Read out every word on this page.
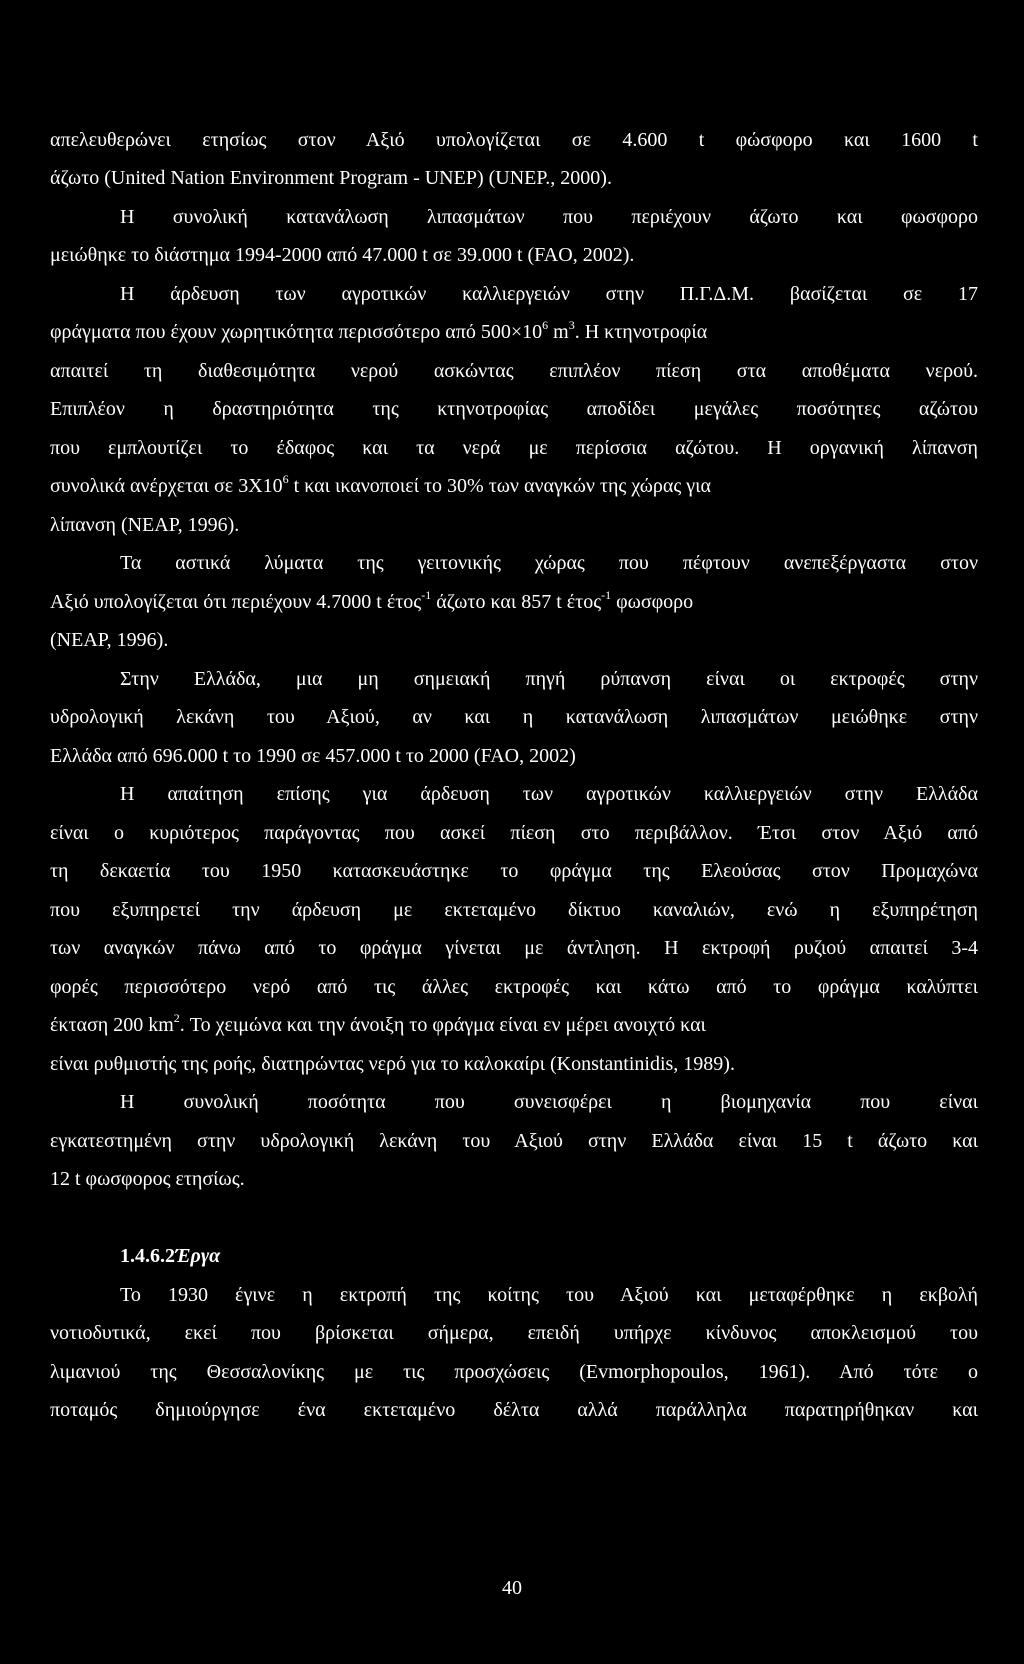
απελευθερώνει ετησίως στον Αξιό υπολογίζεται σε 4.600 t φώσφορο και 1600 t
άζωτο (United Nation Environment Program - UNEP) (UNEP., 2000).
Η συνολική κατανάλωση λιπασμάτων που περιέχουν άζωτο και φωσφορο
μειώθηκε το διάστημα 1994-2000 από 47.000 t σε 39.000 t (FAO, 2002).
Η άρδευση των αγροτικών καλλιεργειών στην Π.Γ.Δ.Μ. βασίζεται σε 17
φράγματα που έχουν χωρητικότητα περισσότερο από $500\times 10^6$ $m^3$. Η κτηνοτροφία
απαιτεί τη διαθεσιμότητα νερού ασκώντας επιπλέον πίεση στα αποθέματα νερού.
Επιπλέον η δραστηριότητα της κτηνοτροφίας αποδίδει μεγάλες ποσότητες αζώτου
που εμπλουτίζει το έδαφος και τα νερά με περίσσια αζώτου. Η οργανική λίπανση
συνολικά ανέρχεται σε $3X10^6$ t και ικανοποιεί το 30% των αναγκών της χώρας για
λίπανση (NEAP, 1996).
Τα αστικά λύματα της γειτονικής χώρας που πέφτουν ανεπεξέργαστα στον
Αξιό υπολογίζεται ότι περιέχουν 4.7000 t έτος$^{-1}$ άζωτο και 857 t έτος$^{-1}$ φωσφορο
(NEAP, 1996).
Στην Ελλάδα, μια μη σημειακή πηγή ρύπανση είναι οι εκτροφές στην
υδρολογική λεκάνη του Αξιού, αν και η κατανάλωση λιπασμάτων μειώθηκε στην
Ελλάδα από 696.000 t το 1990 σε 457.000 t το 2000 (FAO, 2002)
Η απαίτηση επίσης για άρδευση των αγροτικών καλλιεργειών στην Ελλάδα
είναι ο κυριότερος παράγοντας που ασκεί πίεση στο περιβάλλον. Έτσι στον Αξιό από
τη δεκαετία του 1950 κατασκευάστηκε το φράγμα της Ελεούσας στον Προμαχώνα
που εξυπηρετεί την άρδευση με εκτεταμένο δίκτυο καναλιών, ενώ η εξυπηρέτηση
των αναγκών πάνω από το φράγμα γίνεται με άντληση. Η εκτροφή ρυζιού απαιτεί 3-4
φορές περισσότερο νερό από τις άλλες εκτροφές και κάτω από το φράγμα καλύπτει
έκταση 200 $km^2$. Το χειμώνα και την άνοιξη το φράγμα είναι εν μέρει ανοιχτό και
είναι ρυθμιστής της ροής, διατηρώντας νερό για το καλοκαίρι (Konstantinidis, 1989).
Η συνολική ποσότητα που συνεισφέρει η βιομηχανία που είναι
εγκατεστημένη στην υδρολογική λεκάνη του Αξιού στην Ελλάδα είναι 15 t άζωτο και
12 t φωσφορος ετησίως.
1.4.6.2Έργα
Το 1930 έγινε η εκτροπή της κοίτης του Αξιού και μεταφέρθηκε η εκβολή
νοτιοδυτικά, εκεί που βρίσκεται σήμερα, επειδή υπήρχε κίνδυνος αποκλεισμού του
λιμανιού της Θεσσαλονίκης με τις προσχώσεις (Evmorphopoulos, 1961). Από τότε ο
ποταμός δημιούργησε ένα εκτεταμένο δέλτα αλλά παράλληλα παρατηρήθηκαν και
40
